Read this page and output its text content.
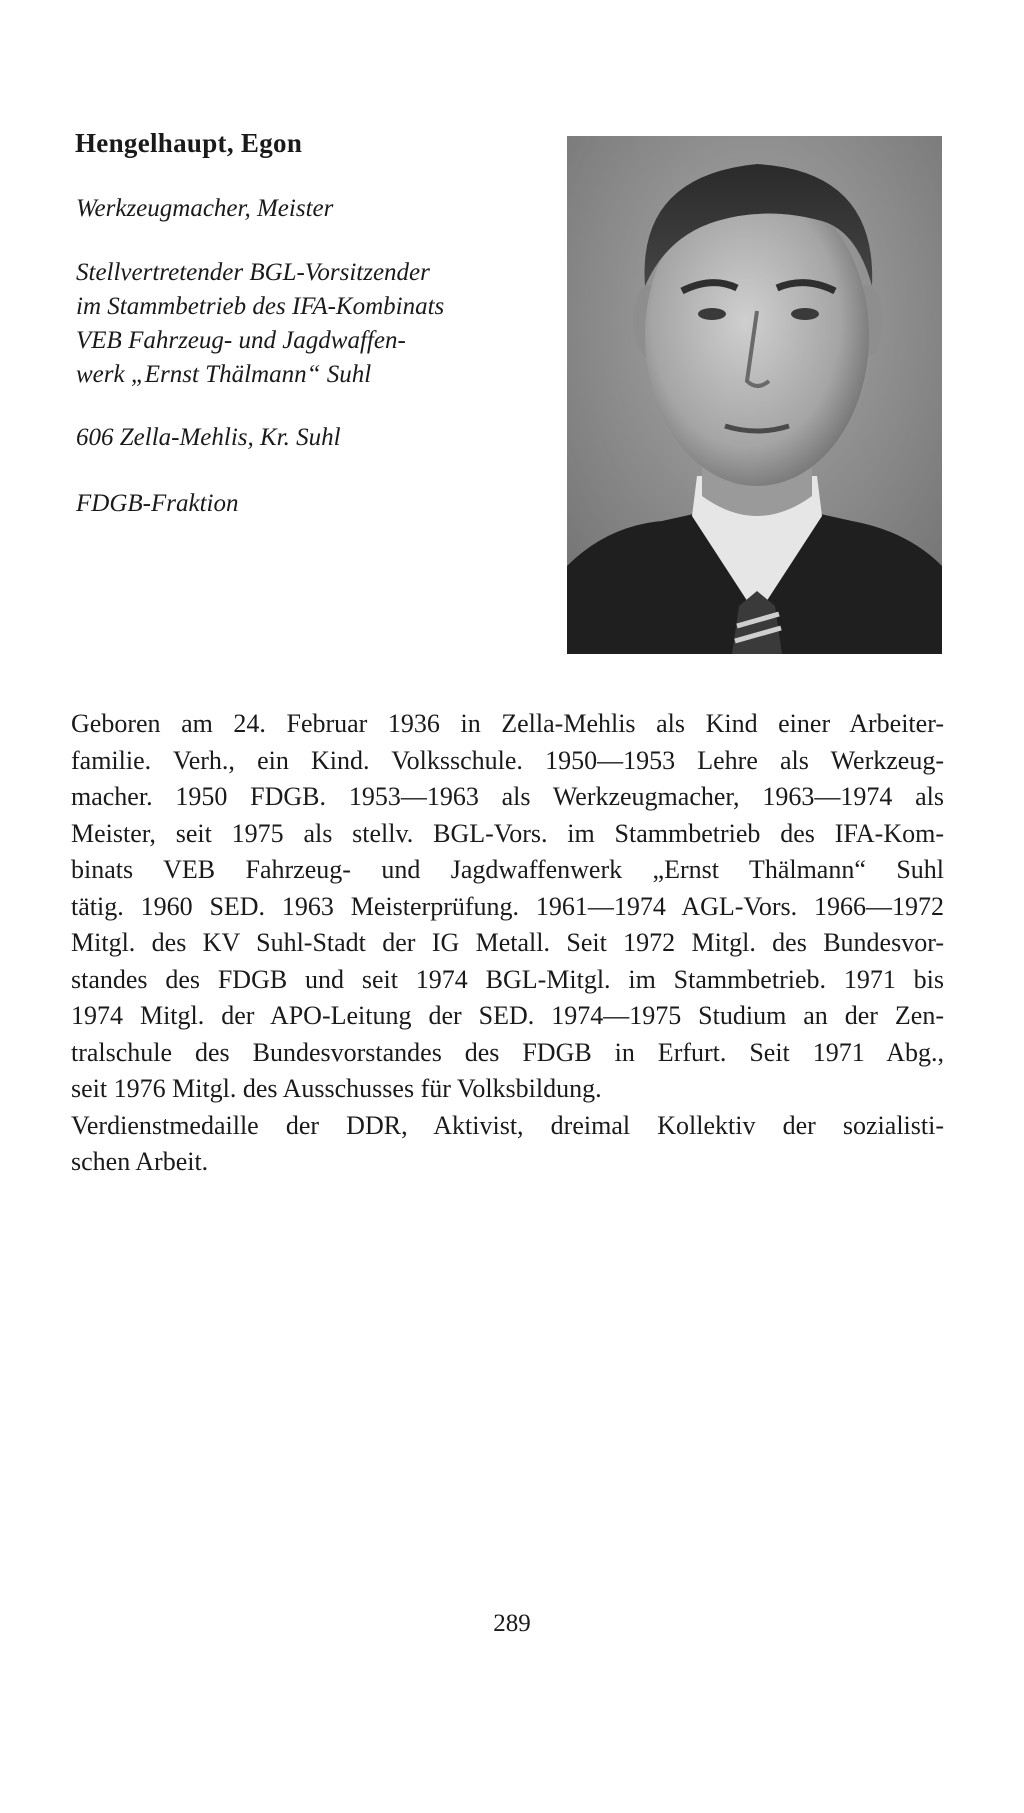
Hengelhaupt, Egon
Werkzeugmacher, Meister
Stellvertretender BGL-Vorsitzender
im Stammbetrieb des IFA-Kombinats
VEB Fahrzeug- und Jagdwaffen-
werk „Ernst Thälmann“ Suhl
606 Zella-Mehlis, Kr. Suhl
FDGB-Fraktion
Geboren am 24. Februar 1936 in Zella-Mehlis als Kind einer Arbeiter-
familie. Verh., ein Kind. Volksschule. 1950—1953 Lehre als Werkzeug-
macher. 1950 FDGB. 1953—1963 als Werkzeugmacher, 1963—1974 als
Meister, seit 1975 als stellv. BGL-Vors. im Stammbetrieb des IFA-Kom-
binats VEB Fahrzeug- und Jagdwaffenwerk „Ernst Thälmann“ Suhl
tätig. 1960 SED. 1963 Meisterprüfung. 1961—1974 AGL-Vors. 1966—1972
Mitgl. des KV Suhl-Stadt der IG Metall. Seit 1972 Mitgl. des Bundesvor-
standes des FDGB und seit 1974 BGL-Mitgl. im Stammbetrieb. 1971 bis
1974 Mitgl. der APO-Leitung der SED. 1974—1975 Studium an der Zen-
tralschule des Bundesvorstandes des FDGB in Erfurt. Seit 1971 Abg.,
seit 1976 Mitgl. des Ausschusses für Volksbildung.
Verdienstmedaille der DDR, Aktivist, dreimal Kollektiv der sozialisti-
schen Arbeit.
289
